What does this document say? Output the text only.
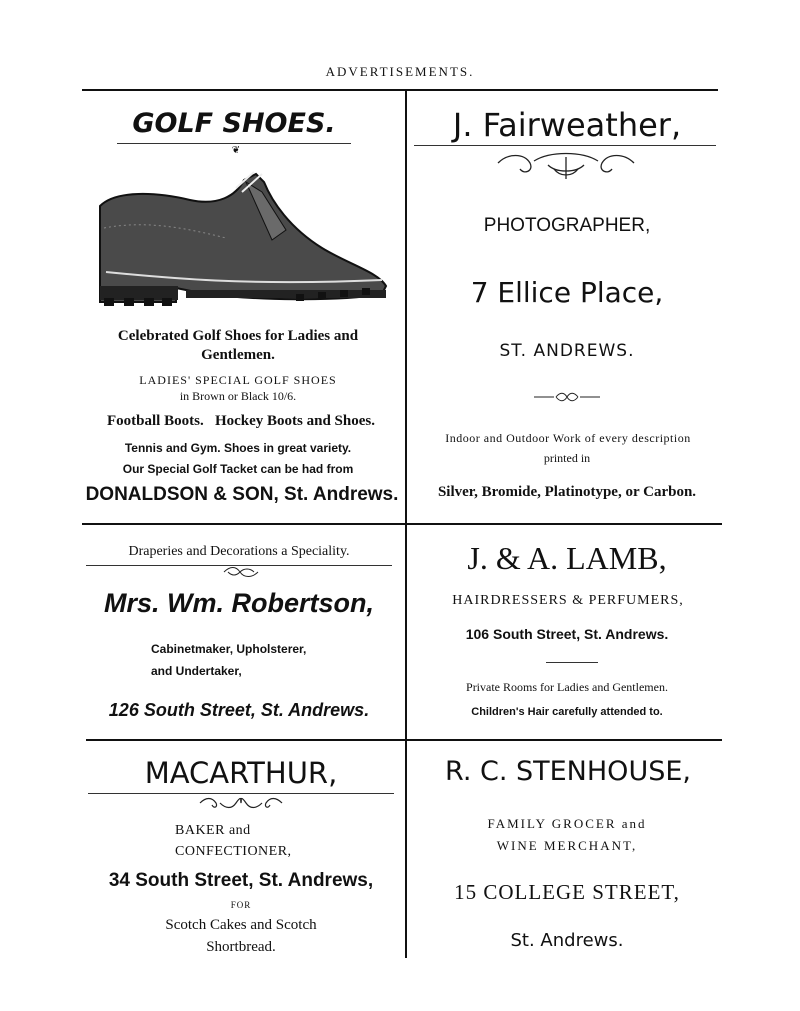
ADVERTISEMENTS.
GOLF SHOES.
❦
Celebrated Golf Shoes for Ladies and
Gentlemen.
LADIES' SPECIAL GOLF SHOES
in Brown or Black 10/6.
Football Boots.   Hockey Boots and Shoes.
Tennis and Gym. Shoes in great variety.
Our Special Golf Tacket can be had from
DONALDSON & SON, St. Andrews.
J. Fairweather,
PHOTOGRAPHER,
7 Ellice Place,
ST. ANDREWS.
Indoor and Outdoor Work of every description
printed in
Silver, Bromide, Platinotype, or Carbon.
Draperies and Decorations a Speciality.
Mrs. Wm. Robertson,
Cabinetmaker, Upholsterer,
and Undertaker,
126 South Street, St. Andrews.
J. & A. LAMB,
HAIRDRESSERS & PERFUMERS,
106 South Street, St. Andrews.
Private Rooms for Ladies and Gentlemen.
Children's Hair carefully attended to.
MACARTHUR,
BAKER and
CONFECTIONER,
34 South Street, St. Andrews,
FOR
Scotch Cakes and Scotch
Shortbread.
R. C. STENHOUSE,
FAMILY GROCER and
WINE MERCHANT,
15 COLLEGE STREET,
St. Andrews.
